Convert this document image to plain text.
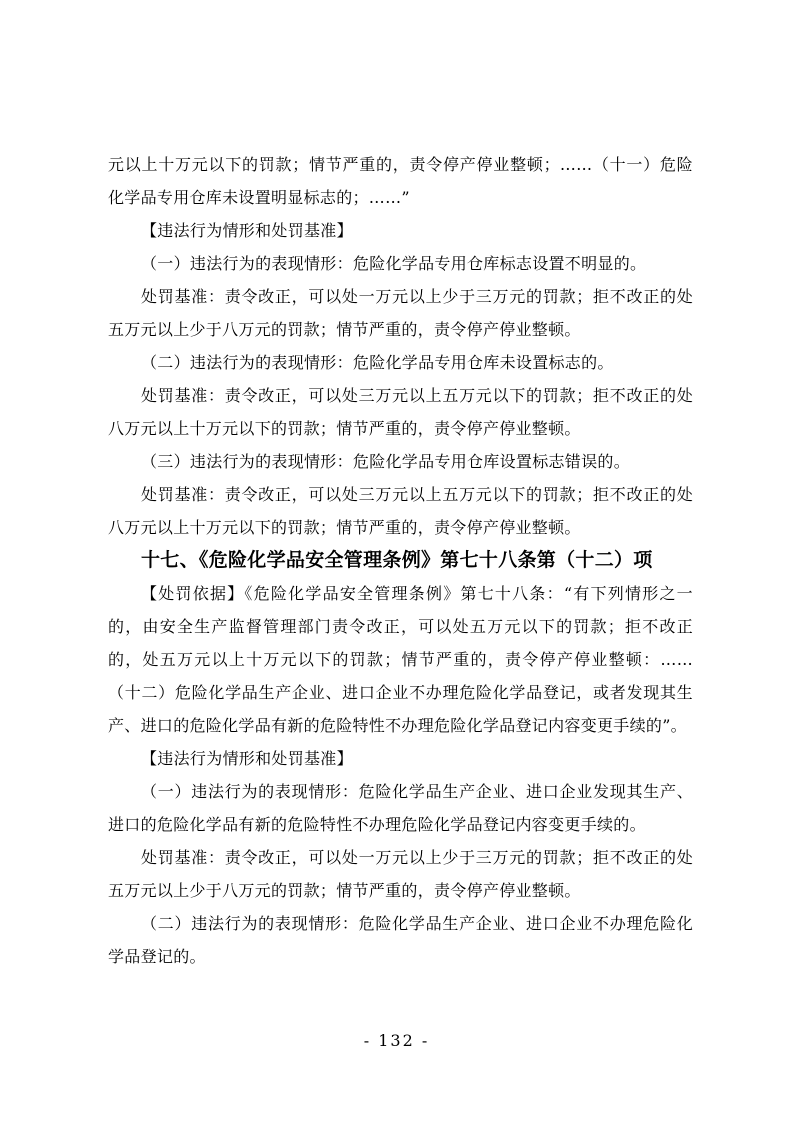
元以上十万元以下的罚款；情节严重的，责令停产停业整顿；……（十一）危险化学品专用仓库未设置明显标志的；……”

【违法行为情形和处罚基准】

（一）违法行为的表现情形：危险化学品专用仓库标志设置不明显的。

处罚基准：责令改正，可以处一万元以上少于三万元的罚款；拒不改正的处五万元以上少于八万元的罚款；情节严重的，责令停产停业整顿。

（二）违法行为的表现情形：危险化学品专用仓库未设置标志的。

处罚基准：责令改正，可以处三万元以上五万元以下的罚款；拒不改正的处八万元以上十万元以下的罚款；情节严重的，责令停产停业整顿。

（三）违法行为的表现情形：危险化学品专用仓库设置标志错误的。

处罚基准：责令改正，可以处三万元以上五万元以下的罚款；拒不改正的处八万元以上十万元以下的罚款；情节严重的，责令停产停业整顿。

十七、《危险化学品安全管理条例》第七十八条第（十二）项

【处罚依据】《危险化学品安全管理条例》第七十八条：“有下列情形之一的，由安全生产监督管理部门责令改正，可以处五万元以下的罚款；拒不改正的，处五万元以上十万元以下的罚款；情节严重的，责令停产停业整顿：……（十二）危险化学品生产企业、进口企业不办理危险化学品登记，或者发现其生产、进口的危险化学品有新的危险特性不办理危险化学品登记内容变更手续的”。

【违法行为情形和处罚基准】

（一）违法行为的表现情形：危险化学品生产企业、进口企业发现其生产、进口的危险化学品有新的危险特性不办理危险化学品登记内容变更手续的。

处罚基准：责令改正，可以处一万元以上少于三万元的罚款；拒不改正的处五万元以上少于八万元的罚款；情节严重的，责令停产停业整顿。

（二）违法行为的表现情形：危险化学品生产企业、进口企业不办理危险化学品登记的。

- 132 -
